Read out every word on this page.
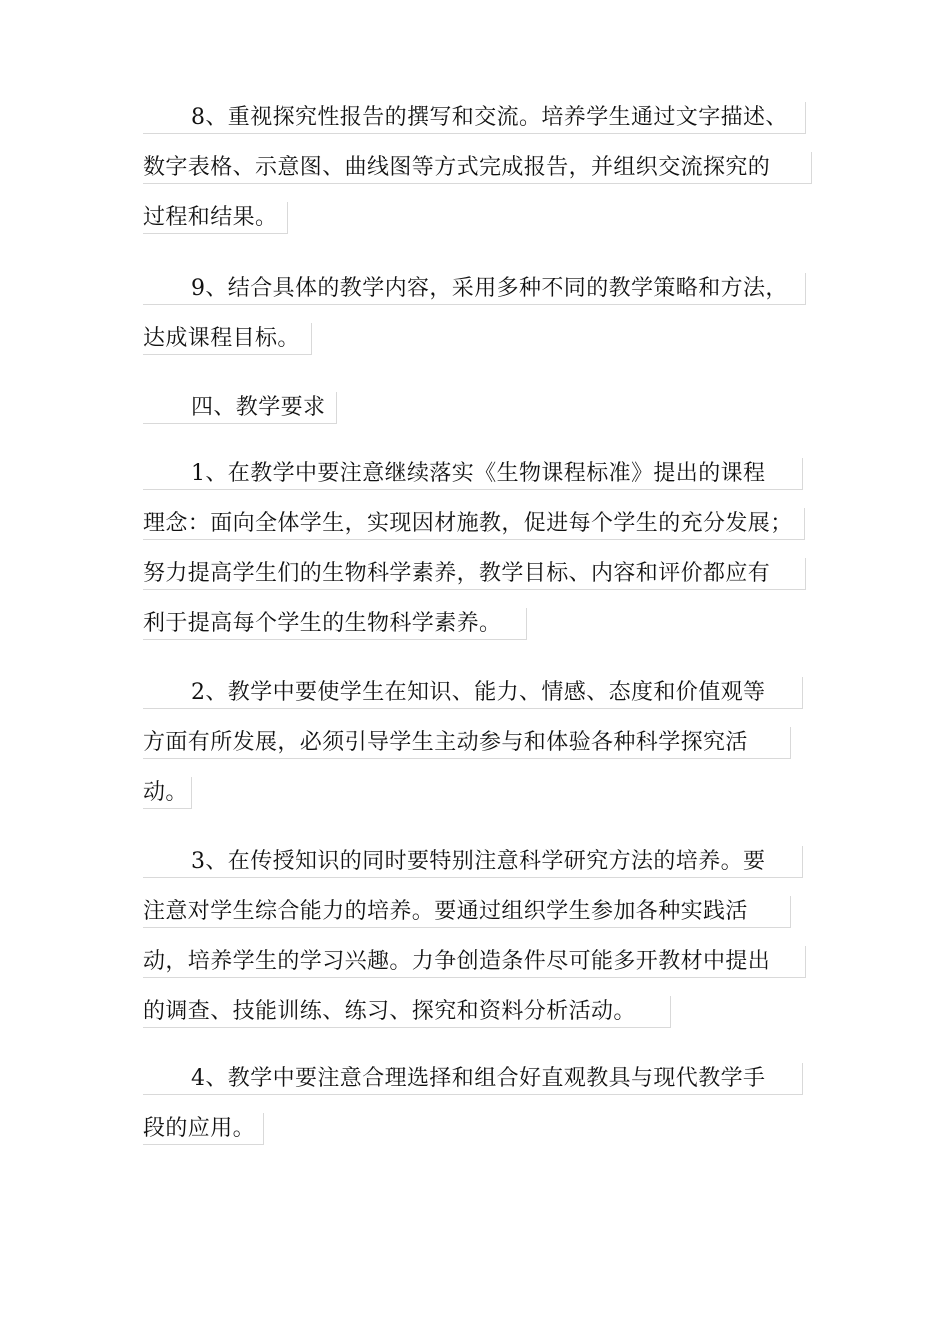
8、重视探究性报告的撰写和交流。培养学生通过文字描述、
数字表格、示意图、曲线图等方式完成报告，并组织交流探究的
过程和结果。
9、结合具体的教学内容，采用多种不同的教学策略和方法，
达成课程目标。
四、教学要求
1、在教学中要注意继续落实《生物课程标准》提出的课程
理念：面向全体学生，实现因材施教，促进每个学生的充分发展；
努力提高学生们的生物科学素养，教学目标、内容和评价都应有
利于提高每个学生的生物科学素养。
2、教学中要使学生在知识、能力、情感、态度和价值观等
方面有所发展，必须引导学生主动参与和体验各种科学探究活
动。
3、在传授知识的同时要特别注意科学研究方法的培养。要
注意对学生综合能力的培养。要通过组织学生参加各种实践活
动，培养学生的学习兴趣。力争创造条件尽可能多开教材中提出
的调查、技能训练、练习、探究和资料分析活动。
4、教学中要注意合理选择和组合好直观教具与现代教学手
段的应用。
